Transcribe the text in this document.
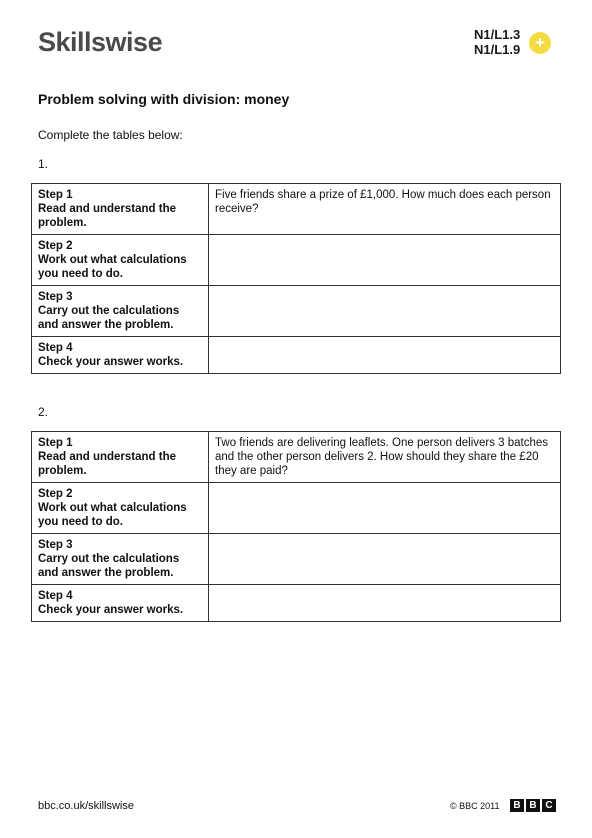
Skillswise	N1/L1.3
N1/L1.9 +
Problem solving with division: money
Complete the tables below:
1.
Step 1
Read and understand the problem.	Five friends share a prize of £1,000. How much does each person receive?

Step 2
Work out what calculations you need to do.	

Step 3
Carry out the calculations and answer the problem.	

Step 4
Check your answer works.	

2.
Step 1
Read and understand the problem.	Two friends are delivering leaflets. One person delivers 3 batches and the other person delivers 2. How should they share the £20 they are paid?

Step 2
Work out what calculations you need to do.	

Step 3
Carry out the calculations and answer the problem.	

Step 4
Check your answer works.	

bbc.co.uk/skillswise	© BBC 2011	B B C
